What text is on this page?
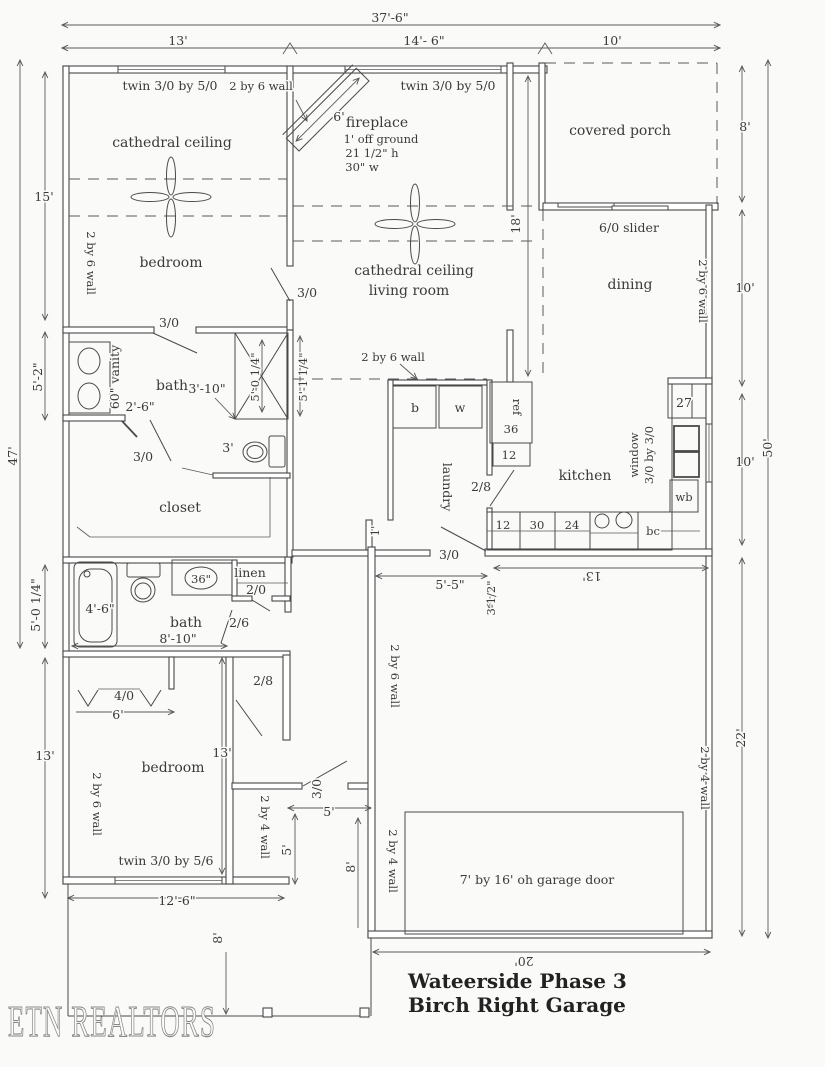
37'-6"
13'	14'- 6"	10'
twin 3/0 by 5/0 2 by 6 wall	twin 3/0 by 5/0
covered porch	8'
6' fireplace
1' off ground
21 1/2" h
30" w
15'
cathedral ceiling
bedroom
2 by 6 wall	3/0
18'	6/0 slider
dining	2 by 6 wall 10'
50'
cathedral ceiling
living room
3/0
5'-2"
47'
60" vanity bath 3'-10"
2'-6"
5'-0 1/4"	5'-1 1/4"
3/0
3'
closet
2 by 6 wall
b	w	ref
36
12
laundry 2/8
kitchen
27
window 3/0 by 3/0	10'
wb
bc
12 30 24
1'
3/0
5'-5" 3-1/2"
13'
5'-0 1/4"	4'-6"
bath
8'-10"
36" linen
2/0
2/6
2/8
4/0
6'
13'
bedroom
13'
2 by 6 wall	2 by 4 wall
3/0
5'
5'
8'
2 by 6 wall
2 by 4 wall
2 by 4 wall
22'
7' by 16' oh garage door
twin 3/0 by 5/6
12'-6"
8'
20'
ETN REALTORS
Wateerside Phase 3
Birch Right Garage
